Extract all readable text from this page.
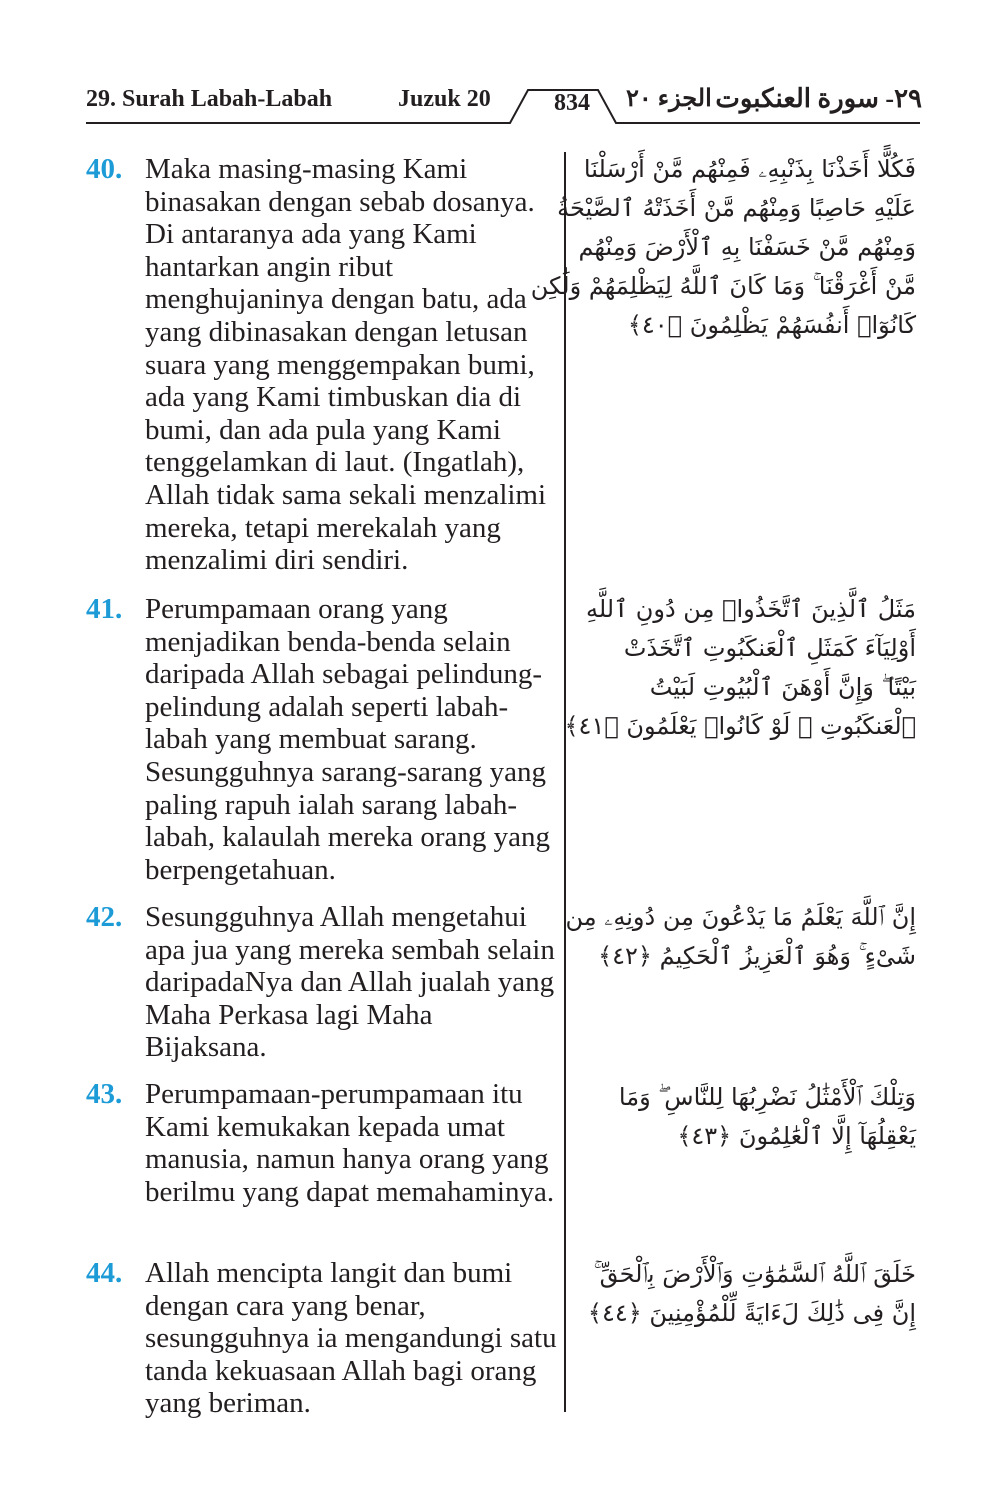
29. Surah Labah-Labah	Juzuk 20	834	الجزء ٢٠ ٢٩- سورة العنكبوت
40. Maka masing-masing Kami binasakan dengan sebab dosanya. Di antaranya ada yang Kami hantarkan angin ribut menghujaninya dengan batu, ada yang dibinasakan dengan letusan suara yang menggempakan bumi, ada yang Kami timbuskan dia di bumi, dan ada pula yang Kami tenggelamkan di laut. (Ingatlah), Allah tidak sama sekali menzalimi mereka, tetapi merekalah yang menzalimi diri sendiri.
فَكُلًّا أَخَذْنَا بِذَنْبِهِۦ فَمِنْهُم مَّنْ أَرْسَلْنَا
عَلَيْهِ حَاصِبًا وَمِنْهُم مَّنْ أَخَذَتْهُ ٱلصَّيْحَةُ
وَمِنْهُم مَّنْ خَسَفْنَا بِهِ ٱلْأَرْضَ وَمِنْهُم
مَّنْ أَغْرَقْنَا ۚ وَمَا كَانَ ٱللَّهُ لِيَظْلِمَهُمْ وَلَٰكِن
كَانُوٓا۟ أَنفُسَهُمْ يَظْلِمُونَ ﴿٤٠﴾
41. Perumpamaan orang yang menjadikan benda-benda selain daripada Allah sebagai pelindung-pelindung adalah seperti labah-labah yang membuat sarang. Sesungguhnya sarang-sarang yang paling rapuh ialah sarang labah-labah, kalaulah mereka orang yang berpengetahuan.
مَثَلُ ٱلَّذِينَ ٱتَّخَذُوا۟ مِن دُونِ ٱللَّهِ
أَوْلِيَآءَ كَمَثَلِ ٱلْعَنكَبُوتِ ٱتَّخَذَتْ
بَيْتًا ۖ وَإِنَّ أَوْهَنَ ٱلْبُيُوتِ لَبَيْتُ
ٱلْعَنكَبُوتِ ۖ لَوْ كَانُوا۟ يَعْلَمُونَ ﴿٤١﴾
42. Sesungguhnya Allah mengetahui apa jua yang mereka sembah selain daripadaNya dan Allah jualah yang Maha Perkasa lagi Maha Bijaksana.
إِنَّ ٱللَّهَ يَعْلَمُ مَا يَدْعُونَ مِن دُونِهِۦ مِن
شَىْءٍ ۚ وَهُوَ ٱلْعَزِيزُ ٱلْحَكِيمُ ﴿٤٢﴾
43. Perumpamaan-perumpamaan itu Kami kemukakan kepada umat manusia, namun hanya orang yang berilmu yang dapat memahaminya.
وَتِلْكَ ٱلْأَمْثَٰلُ نَضْرِبُهَا لِلنَّاسِ ۖ وَمَا
يَعْقِلُهَآ إِلَّا ٱلْعَٰلِمُونَ ﴿٤٣﴾
44. Allah mencipta langit dan bumi dengan cara yang benar, sesungguhnya ia mengandungi satu tanda kekuasaan Allah bagi orang yang beriman.
خَلَقَ ٱللَّهُ ٱلسَّمَٰوَٰتِ وَٱلْأَرْضَ بِٱلْحَقِّ ۚ
إِنَّ فِى ذَٰلِكَ لَءَايَةً لِّلْمُؤْمِنِينَ ﴿٤٤﴾
